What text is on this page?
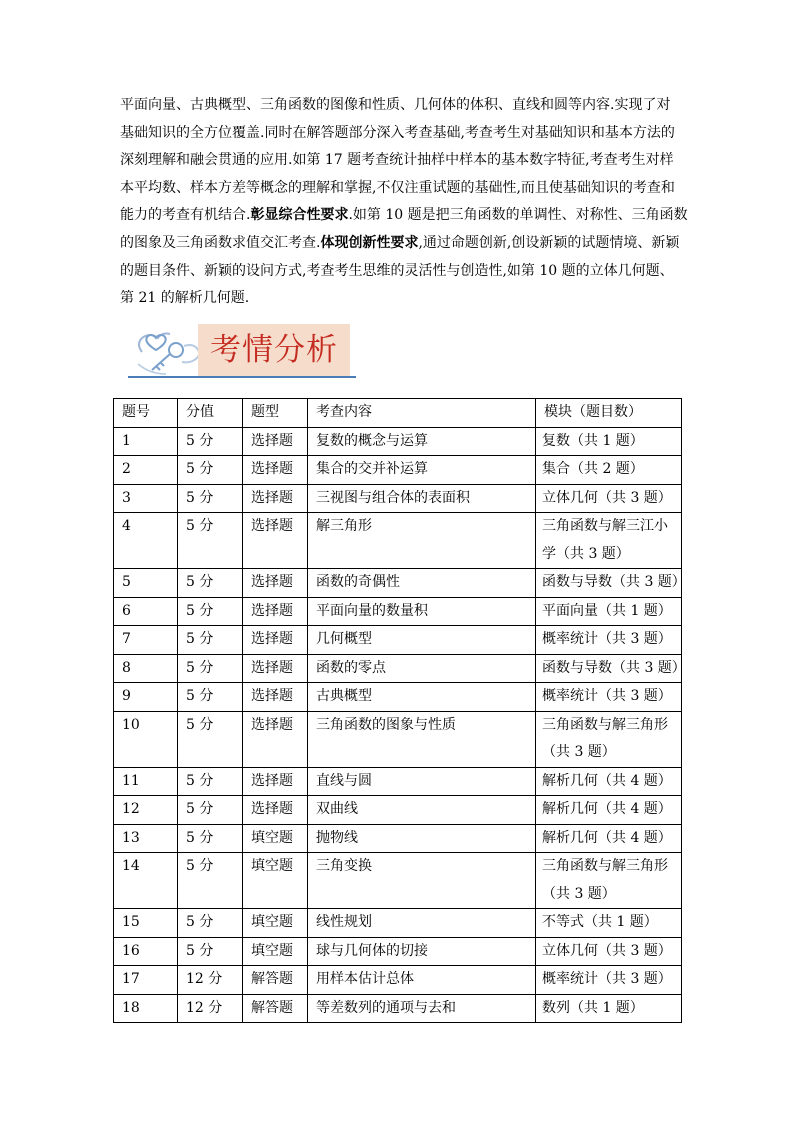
平面向量、古典概型、三角函数的图像和性质、几何体的体积、直线和圆等内容.实现了对
基础知识的全方位覆盖.同时在解答题部分深入考查基础,考查考生对基础知识和基本方法的
深刻理解和融会贯通的应用.如第 17 题考查统计抽样中样本的基本数字特征,考查考生对样
本平均数、样本方差等概念的理解和掌握,不仅注重试题的基础性,而且使基础知识的考查和
能力的考查有机结合.彰显综合性要求.如第 10 题是把三角函数的单调性、对称性、三角函数
的图象及三角函数求值交汇考查.体现创新性要求,通过命题创新,创设新颖的试题情境、新颖
的题目条件、新颖的设问方式,考查考生思维的灵活性与创造性,如第 10 题的立体几何题、
第 21 的解析几何题.
考情分析
题号	分值	题型	考查内容	模块（题目数）
1	5 分	选择题	复数的概念与运算	复数（共 1 题）
2	5 分	选择题	集合的交并补运算	集合（共 2 题）
3	5 分	选择题	三视图与组合体的表面积	立体几何（共 3 题）
4	5 分	选择题	解三角形	三角函数与解三江小学（共 3 题）
5	5 分	选择题	函数的奇偶性	函数与导数（共 3 题）
6	5 分	选择题	平面向量的数量积	平面向量（共 1 题）
7	5 分	选择题	几何概型	概率统计（共 3 题）
8	5 分	选择题	函数的零点	函数与导数（共 3 题）
9	5 分	选择题	古典概型	概率统计（共 3 题）
10	5 分	选择题	三角函数的图象与性质	三角函数与解三角形（共 3 题）
11	5 分	选择题	直线与圆	解析几何（共 4 题）
12	5 分	选择题	双曲线	解析几何（共 4 题）
13	5 分	填空题	抛物线	解析几何（共 4 题）
14	5 分	填空题	三角变换	三角函数与解三角形（共 3 题）
15	5 分	填空题	线性规划	不等式（共 1 题）
16	5 分	填空题	球与几何体的切接	立体几何（共 3 题）
17	12 分	解答题	用样本估计总体	概率统计（共 3 题）
18	12 分	解答题	等差数列的通项与去和	数列（共 1 题）
